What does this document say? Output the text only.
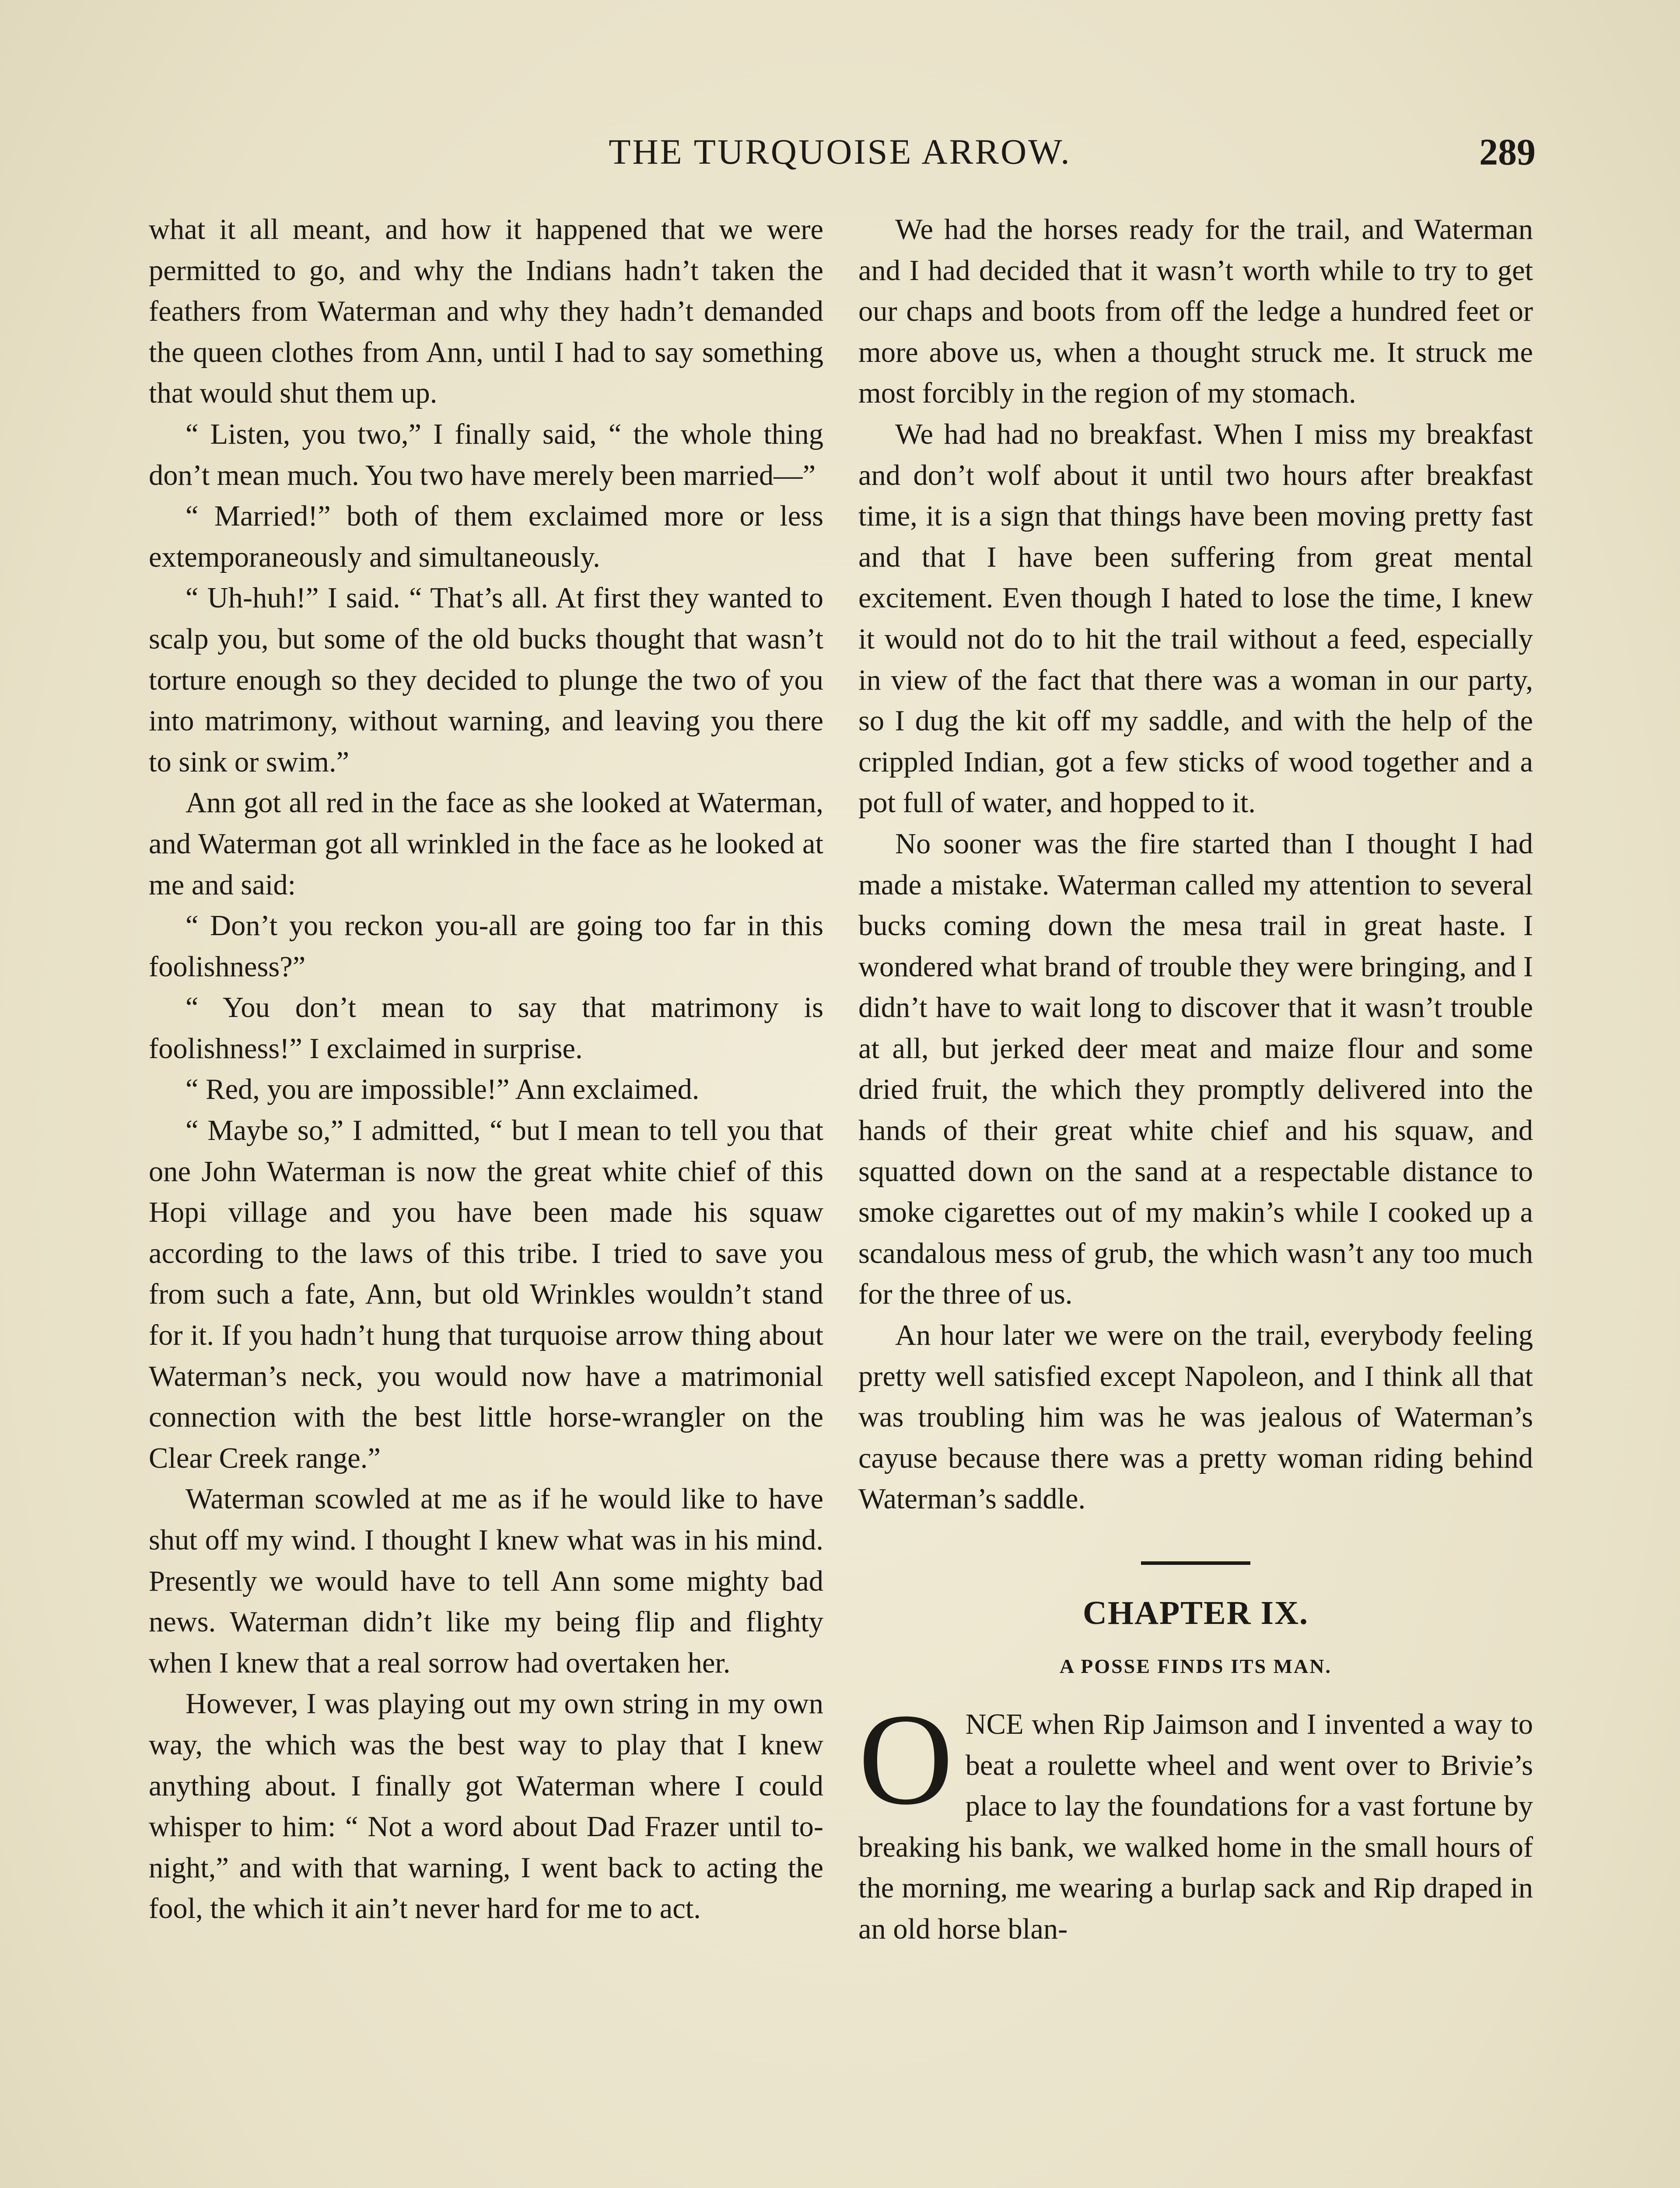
THE TURQUOISE ARROW.	289

what it all meant, and how it happened that we were permitted to go, and why the Indians hadn’t taken the feathers from Waterman and why they hadn’t demanded the queen clothes from Ann, until I had to say something that would shut them up.

“ Listen, you two,” I finally said, “ the whole thing don’t mean much. You two have merely been married—”

“ Married!” both of them exclaimed more or less extemporaneously and simultaneously.

“ Uh-huh!” I said. “ That’s all. At first they wanted to scalp you, but some of the old bucks thought that wasn’t torture enough so they decided to plunge the two of you into matrimony, without warning, and leaving you there to sink or swim.”

Ann got all red in the face as she looked at Waterman, and Waterman got all wrinkled in the face as he looked at me and said:

“ Don’t you reckon you-all are going too far in this foolishness?”

“ You don’t mean to say that matrimony is foolishness!” I exclaimed in surprise.

“ Red, you are impossible!” Ann exclaimed.

“ Maybe so,” I admitted, “ but I mean to tell you that one John Waterman is now the great white chief of this Hopi village and you have been made his squaw according to the laws of this tribe. I tried to save you from such a fate, Ann, but old Wrinkles wouldn’t stand for it. If you hadn’t hung that turquoise arrow thing about Waterman’s neck, you would now have a matrimonial connection with the best little horse-wrangler on the Clear Creek range.”

Waterman scowled at me as if he would like to have shut off my wind. I thought I knew what was in his mind. Presently we would have to tell Ann some mighty bad news. Waterman didn’t like my being flip and flighty when I knew that a real sorrow had overtaken her.

However, I was playing out my own string in my own way, the which was the best way to play that I knew anything about. I finally got Waterman where I could whisper to him: “ Not a word about Dad Frazer until to-night,” and with that warning, I went back to acting the fool, the which it ain’t never hard for me to act.

We had the horses ready for the trail, and Waterman and I had decided that it wasn’t worth while to try to get our chaps and boots from off the ledge a hundred feet or more above us, when a thought struck me. It struck me most forcibly in the region of my stomach.

We had had no breakfast. When I miss my breakfast and don’t wolf about it until two hours after breakfast time, it is a sign that things have been moving pretty fast and that I have been suffering from great mental excitement. Even though I hated to lose the time, I knew it would not do to hit the trail without a feed, especially in view of the fact that there was a woman in our party, so I dug the kit off my saddle, and with the help of the crippled Indian, got a few sticks of wood together and a pot full of water, and hopped to it.

No sooner was the fire started than I thought I had made a mistake. Waterman called my attention to several bucks coming down the mesa trail in great haste. I wondered what brand of trouble they were bringing, and I didn’t have to wait long to discover that it wasn’t trouble at all, but jerked deer meat and maize flour and some dried fruit, the which they promptly delivered into the hands of their great white chief and his squaw, and squatted down on the sand at a respectable distance to smoke cigarettes out of my makin’s while I cooked up a scandalous mess of grub, the which wasn’t any too much for the three of us.

An hour later we were on the trail, everybody feeling pretty well satisfied except Napoleon, and I think all that was troubling him was he was jealous of Waterman’s cayuse because there was a pretty woman riding behind Waterman’s saddle.

CHAPTER IX.
A POSSE FINDS ITS MAN.

ONCE when Rip Jaimson and I invented a way to beat a roulette wheel and went over to Brivie’s place to lay the foundations for a vast fortune by breaking his bank, we walked home in the small hours of the morning, me wearing a burlap sack and Rip draped in an old horse blan-
